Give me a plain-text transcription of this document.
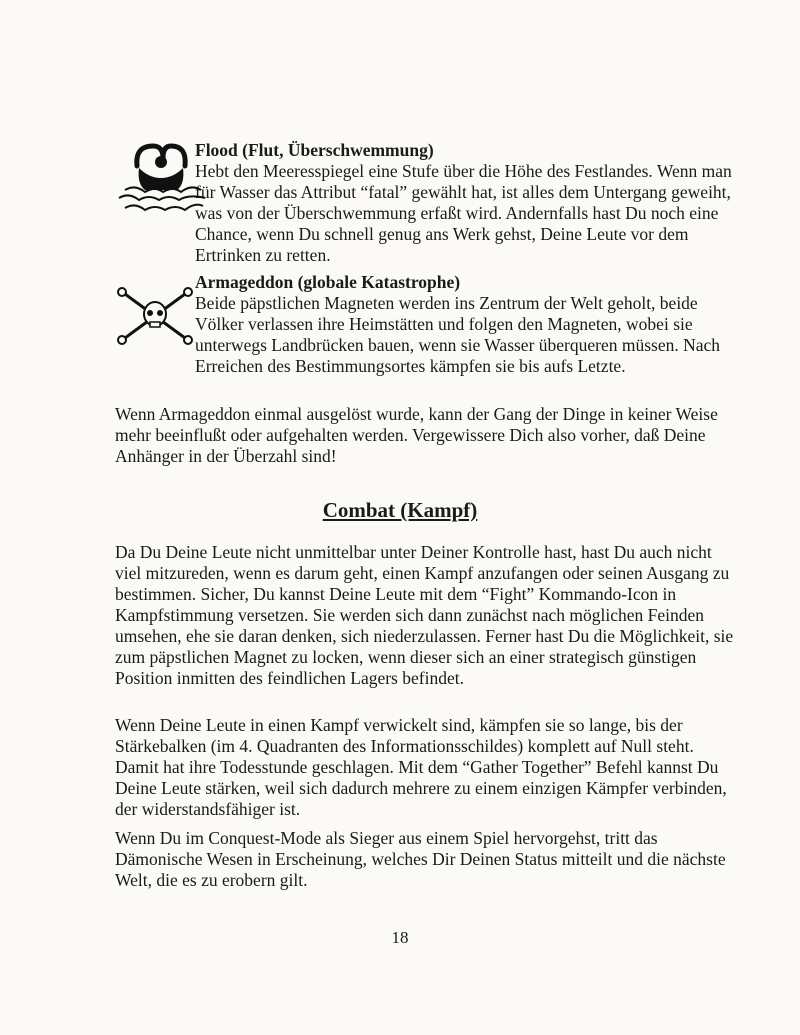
Flood (Flut, Überschwemmung)
Hebt den Meeresspiegel eine Stufe über die Höhe des Festlandes. Wenn man für Wasser das Attribut “fatal” gewählt hat, ist alles dem Untergang geweiht, was von der Überschwemmung erfaßt wird. Andernfalls hast Du noch eine Chance, wenn Du schnell genug ans Werk gehst, Deine Leute vor dem Ertrinken zu retten.
Armageddon (globale Katastrophe)
Beide päpstlichen Magneten werden ins Zentrum der Welt geholt, beide Völker verlassen ihre Heimstätten und folgen den Magneten, wobei sie unterwegs Landbrücken bauen, wenn sie Wasser überqueren müssen. Nach Erreichen des Bestimmungsortes kämpfen sie bis aufs Letzte.

Wenn Armageddon einmal ausgelöst wurde, kann der Gang der Dinge in keiner Weise mehr beeinflußt oder aufgehalten werden. Vergewissere Dich also vorher, daß Deine Anhänger in der Überzahl sind!

Combat (Kampf)

Da Du Deine Leute nicht unmittelbar unter Deiner Kontrolle hast, hast Du auch nicht viel mitzureden, wenn es darum geht, einen Kampf anzufangen oder seinen Ausgang zu bestimmen. Sicher, Du kannst Deine Leute mit dem “Fight” Kommando-Icon in Kampfstimmung versetzen. Sie werden sich dann zunächst nach möglichen Feinden umsehen, ehe sie daran denken, sich niederzulassen. Ferner hast Du die Möglichkeit, sie zum päpstlichen Magnet zu locken, wenn dieser sich an einer strategisch günstigen Position inmitten des feindlichen Lagers befindet.

Wenn Deine Leute in einen Kampf verwickelt sind, kämpfen sie so lange, bis der Stärkebalken (im 4. Quadranten des Informationsschildes) komplett auf Null steht. Damit hat ihre Todesstunde geschlagen. Mit dem “Gather Together” Befehl kannst Du Deine Leute stärken, weil sich dadurch mehrere zu einem einzigen Kämpfer verbinden, der widerstandsfähiger ist.

Wenn Du im Conquest-Mode als Sieger aus einem Spiel hervorgehst, tritt das Dämonische Wesen in Erscheinung, welches Dir Deinen Status mitteilt und die nächste Welt, die es zu erobern gilt.

18
